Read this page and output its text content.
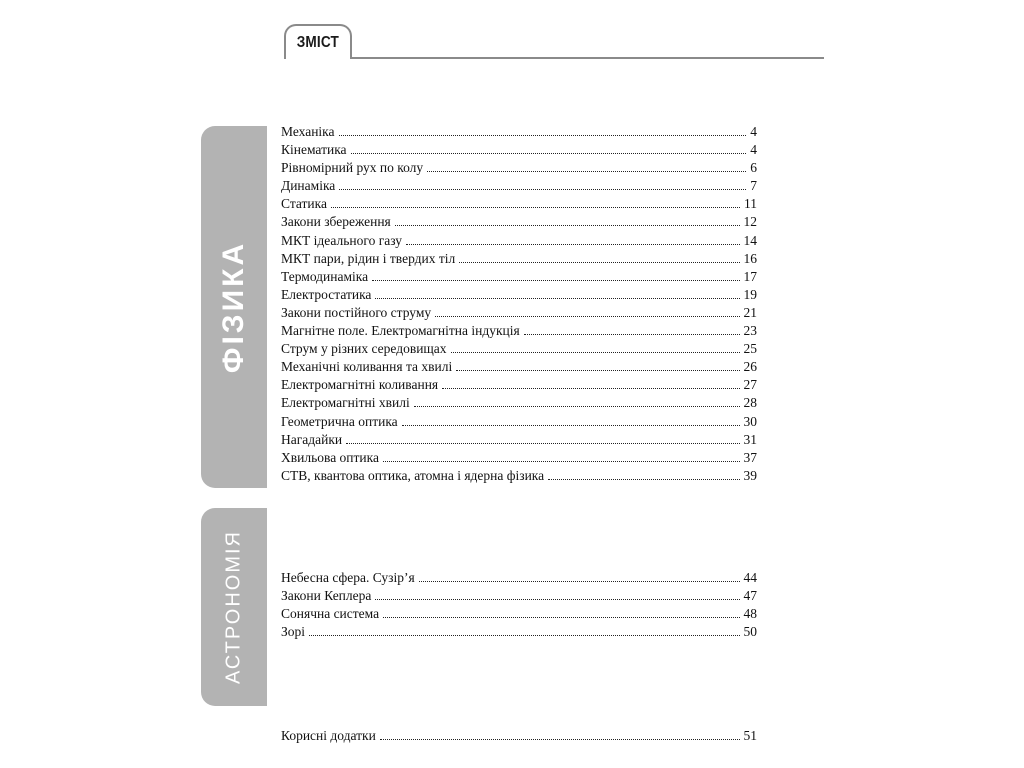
ЗМІСТ
ФІЗИКА
АСТРОНОМІЯ
Механіка	4
Кінематика	4
Рівномірний рух по колу	6
Динаміка	7
Статика	11
Закони збереження	12
МКТ ідеального газу	14
МКТ пари, рідин і твердих тіл	16
Термодинаміка	17
Електростатика	19
Закони постійного струму	21
Магнітне поле. Електромагнітна індукція	23
Струм у різних середовищах	25
Механічні коливання та хвилі	26
Електромагнітні коливання	27
Електромагнітні хвилі	28
Геометрична оптика	30
Нагадайки	31
Хвильова оптика	37
СТВ, квантова оптика, атомна і ядерна фізика	39
Небесна сфера. Сузір’я	44
Закони Кеплера	47
Сонячна система	48
Зорі	50
Корисні додатки	51
